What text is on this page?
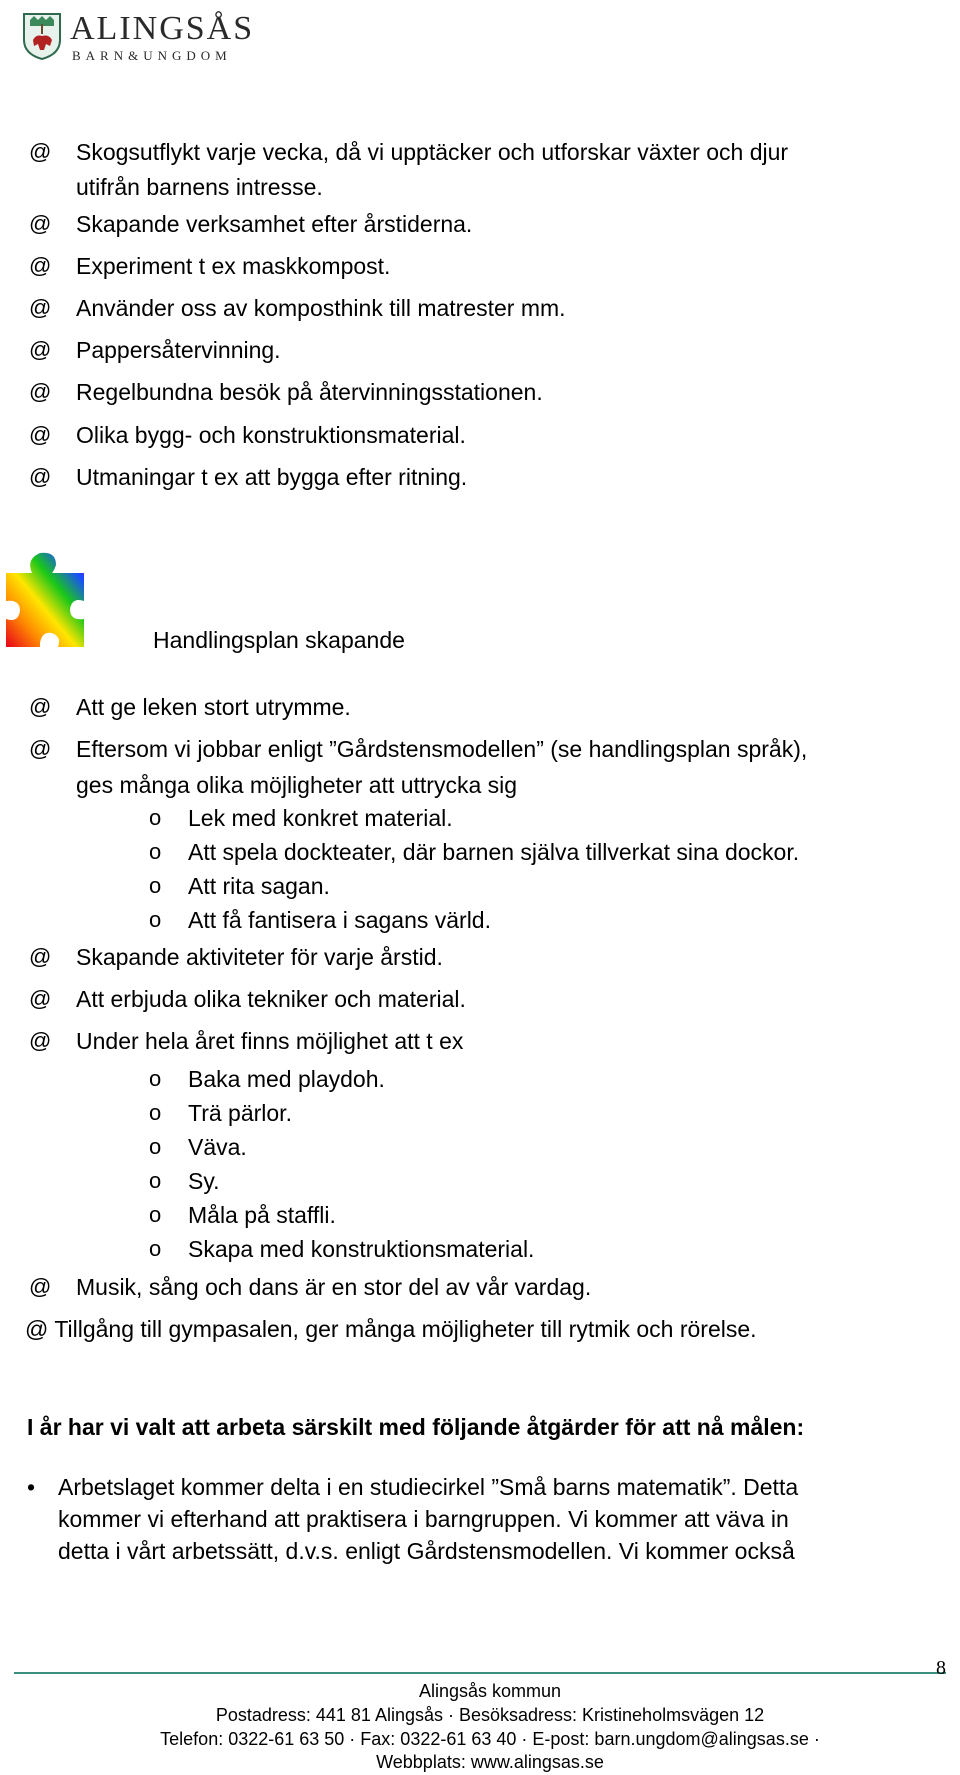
ALINGSÅS
BARN&UNGDOM
@ Skogsutflykt varje vecka, då vi upptäcker och utforskar växter och djur
utifrån barnens intresse.
@ Skapande verksamhet efter årstiderna.
@ Experiment t ex maskkompost.
@ Använder oss av komposthink till matrester mm.
@ Pappersåtervinning.
@ Regelbundna besök på återvinningsstationen.
@ Olika bygg- och konstruktionsmaterial.
@ Utmaningar t ex att bygga efter ritning.
Handlingsplan skapande
@ Att ge leken stort utrymme.
@ Eftersom vi jobbar enligt ”Gårdstensmodellen” (se handlingsplan språk),
ges många olika möjligheter att uttrycka sig
o Lek med konkret material.
o Att spela dockteater, där barnen själva tillverkat sina dockor.
o Att rita sagan.
o Att få fantisera i sagans värld.
@ Skapande aktiviteter för varje årstid.
@ Att erbjuda olika tekniker och material.
@ Under hela året finns möjlighet att t ex
o Baka med playdoh.
o Trä pärlor.
o Väva.
o Sy.
o Måla på staffli.
o Skapa med konstruktionsmaterial.
@ Musik, sång och dans är en stor del av vår vardag.
@ Tillgång till gympasalen, ger många möjligheter till rytmik och rörelse.
I år har vi valt att arbeta särskilt med följande åtgärder för att nå målen:
• Arbetslaget kommer delta i en studiecirkel ”Små barns matematik”. Detta
kommer vi efterhand att praktisera i barngruppen. Vi kommer att väva in
detta i vårt arbetssätt, d.v.s. enligt Gårdstensmodellen. Vi kommer också
8
Alingsås kommun
Postadress: 441 81 Alingsås · Besöksadress: Kristineholmsvägen 12
Telefon: 0322-61 63 50 · Fax: 0322-61 63 40 · E-post: barn.ungdom@alingsas.se ·
Webbplats: www.alingsas.se
